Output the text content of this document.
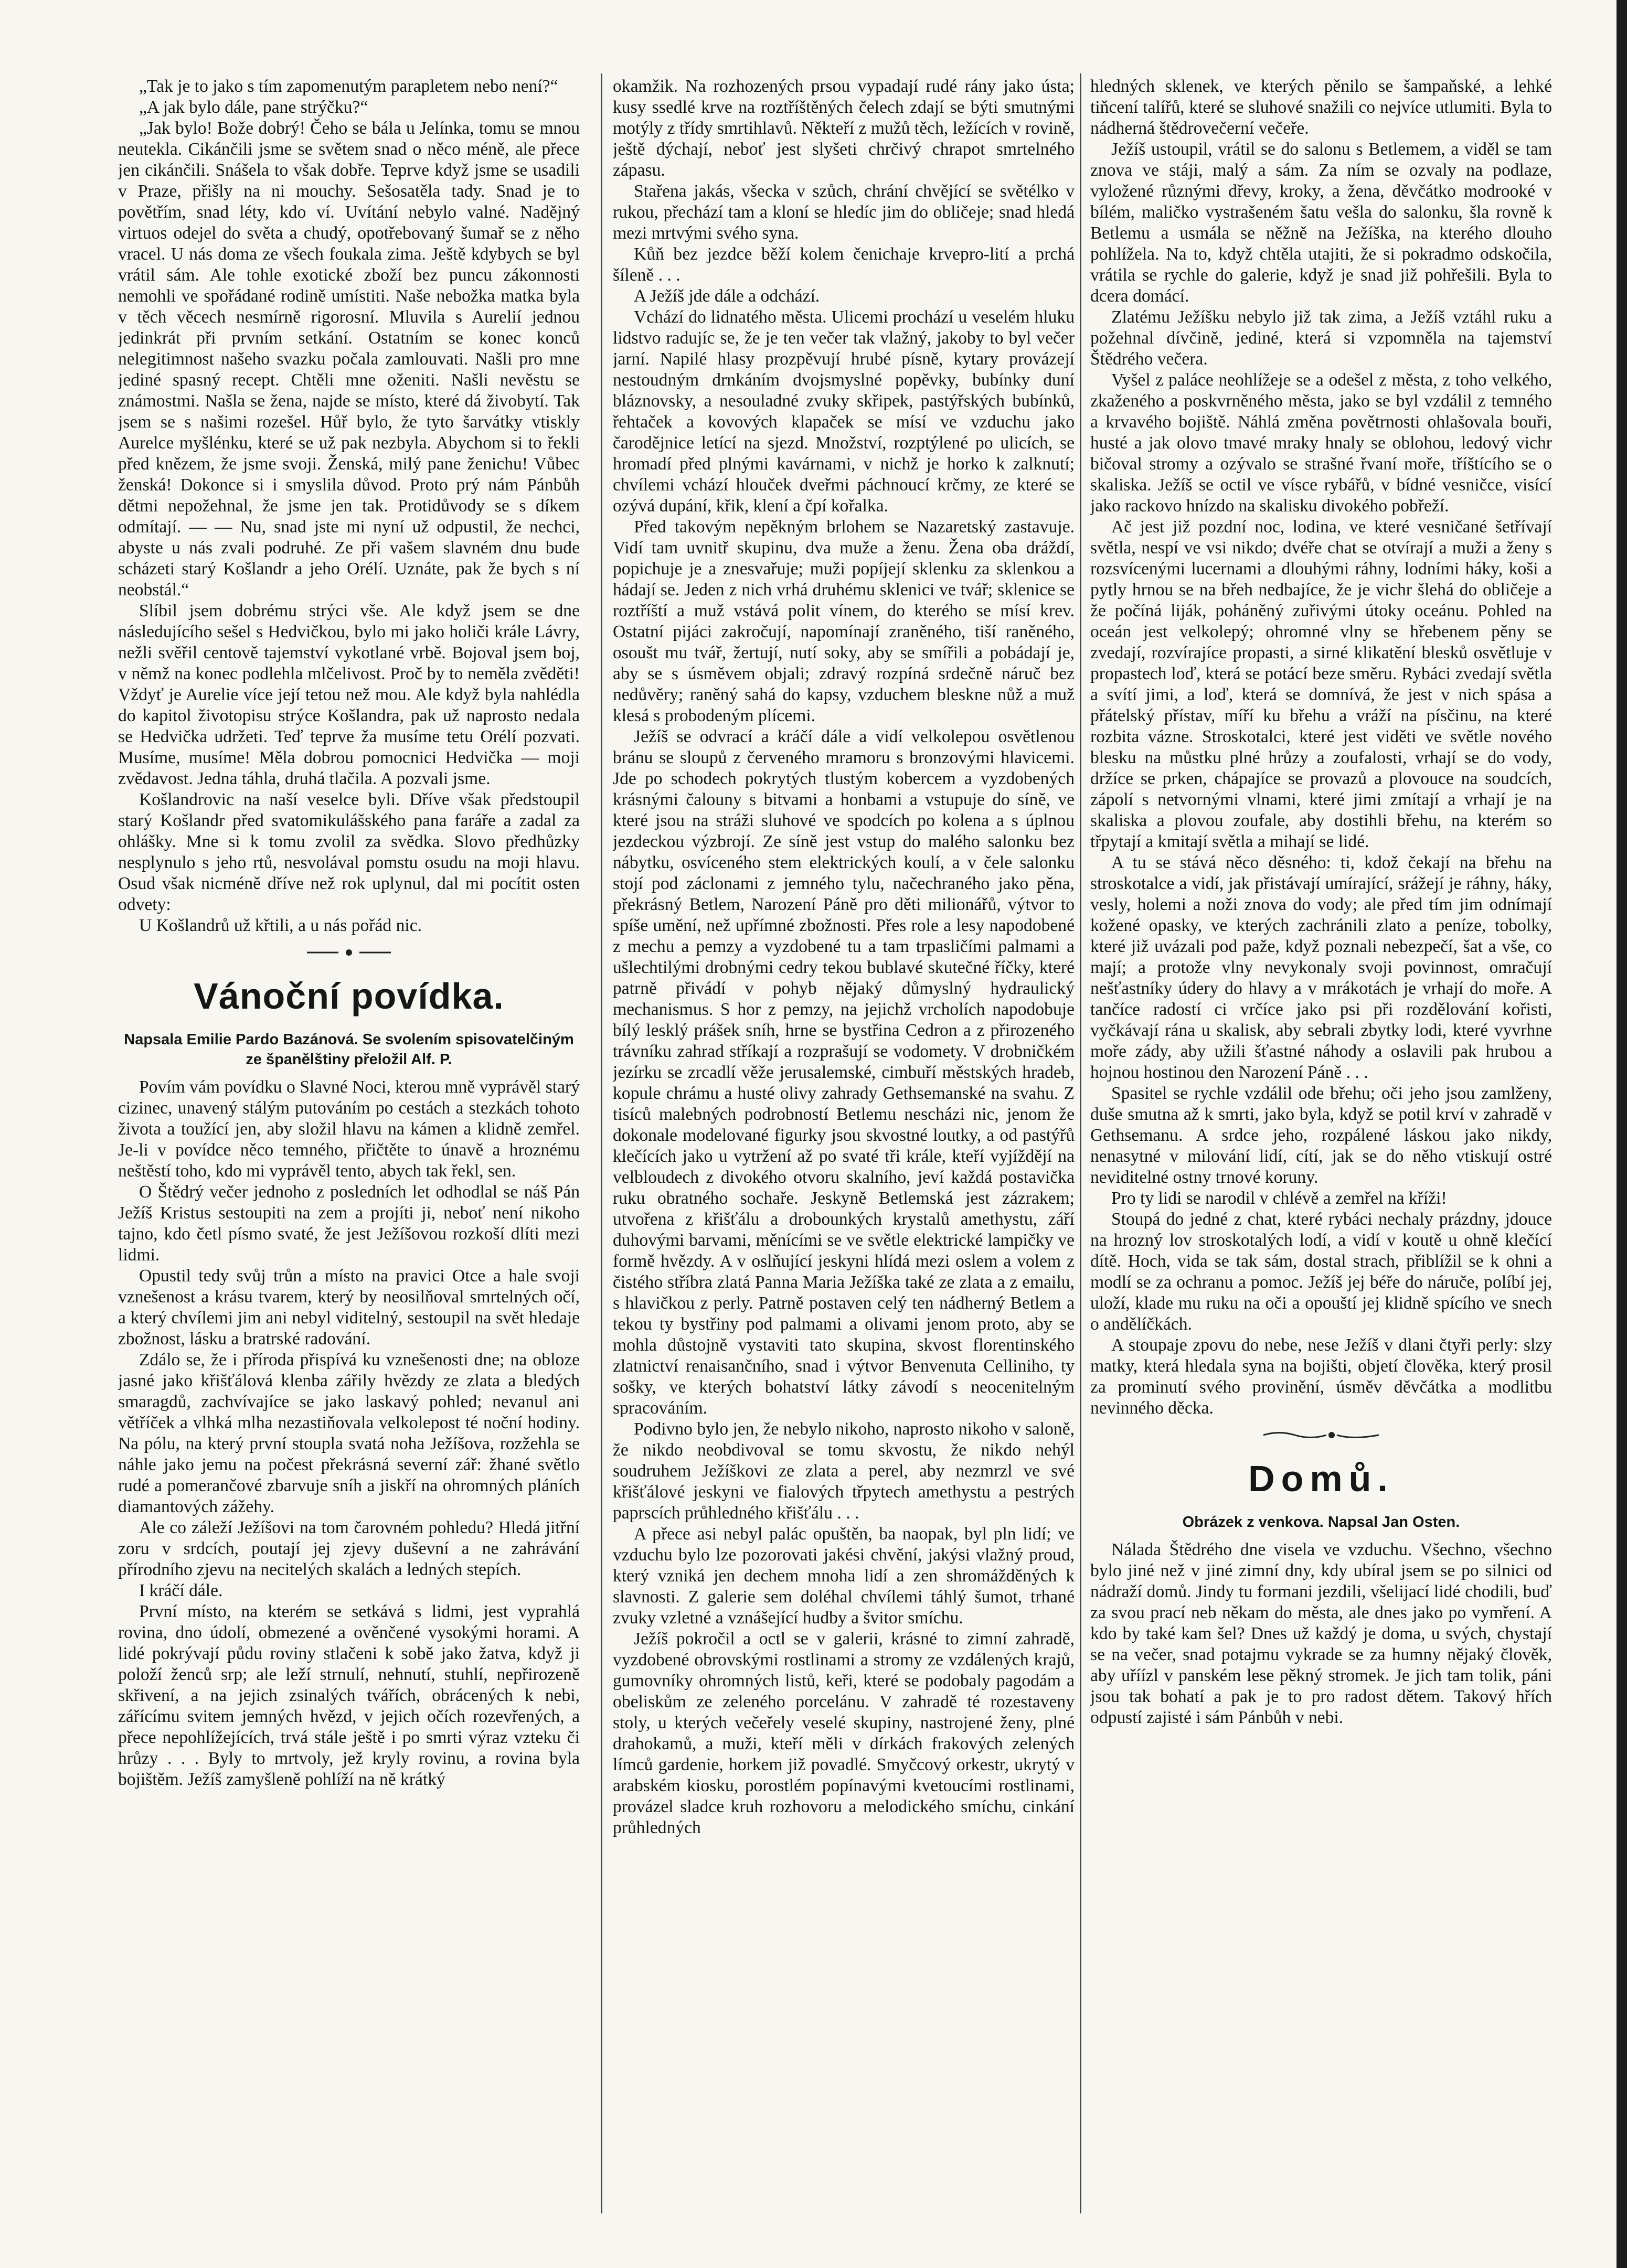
„Tak je to jako s tím zapomenutým parapletem nebo není?“

„A jak bylo dále, pane strýčku?“

„Jak bylo! Bože dobrý! Čeho se bála u Jelínka, tomu se mnou neutekla. Cikánčili jsme se světem snad o něco méně, ale přece jen cikánčili. Snášela to však dobře. Teprve když jsme se usadili v Praze, přišly na ni mouchy. Sešosatěla tady. Snad je to povětřím, snad léty, kdo ví. Uvítání nebylo valné. Nadějný virtuos odejel do světa a chudý, opotřebovaný šumař se z něho vracel. U nás doma ze všech foukala zima. Ještě kdybych se byl vrátil sám. Ale tohle exotické zboží bez puncu zákonnosti nemohli ve spořádané rodině umístiti. Naše nebožka matka byla v těch věcech nesmírně rigorosní. Mluvila s Aurelií jednou jedinkrát při prvním setkání. Ostatním se konec konců nelegitimnost našeho svazku počala zamlouvati. Našli pro mne jediné spasný recept. Chtěli mne oženiti. Našli nevěstu se známostmi. Našla se žena, najde se místo, které dá živobytí. Tak jsem se s našimi rozešel. Hůř bylo, že tyto šarvátky vtiskly Aurelce myšlénku, které se už pak nezbyla. Abychom si to řekli před knězem, že jsme svoji. Ženská, milý pane ženichu! Vůbec ženská! Dokonce si i smyslila důvod. Proto prý nám Pánbůh dětmi nepožehnal, že jsme jen tak. Protidůvody se s díkem odmítají. — — Nu, snad jste mi nyní už odpustil, že nechci, abyste u nás zvali podruhé. Ze při vašem slavném dnu bude scházeti starý Košlandr a jeho Orélí. Uznáte, pak že bych s ní neobstál.“

Slíbil jsem dobrému strýci vše. Ale když jsem se dne následujícího sešel s Hedvičkou, bylo mi jako holiči krále Lávry, nežli svěřil centově tajemství vykotlané vrbě. Bojoval jsem boj, v němž na konec podlehla mlčelivost. Proč by to neměla zvěděti! Vždyť je Aurelie více její tetou než mou. Ale když byla nahlédla do kapitol životopisu strýce Košlandra, pak už naprosto nedala se Hedvička udržeti. Teď teprve ža musíme tetu Orélí pozvati. Musíme, musíme! Měla dobrou pomocnici Hedvička — moji zvědavost. Jedna táhla, druhá tlačila. A pozvali jsme.

Košlandrovic na naší veselce byli. Dříve však předstoupil starý Košlandr před svatomikulášského pana faráře a zadal za ohlášky. Mne si k tomu zvolil za svědka. Slovo předhůzky nesplynulo s jeho rtů, nesvolával pomstu osudu na moji hlavu. Osud však nicméně dříve než rok uplynul, dal mi pocítit osten odvety:

U Košlandrů už křtili, a u nás pořád nic.

Vánoční povídka.

Napsala Emilie Pardo Bazánová. Se svolením spisovatelčiným ze španělštiny přeložil Alf. P.

Povím vám povídku o Slavné Noci, kterou mně vyprávěl starý cizinec, unavený stálým putováním po cestách a stezkách tohoto života a toužící jen, aby složil hlavu na kámen a klidně zemřel. Je-li v povídce něco temného, přičtěte to únavě a hroznému neštěstí toho, kdo mi vyprávěl tento, abych tak řekl, sen.

O Štědrý večer jednoho z posledních let odhodlal se náš Pán Ježíš Kristus sestoupiti na zem a projíti ji, neboť není nikoho tajno, kdo četl písmo svaté, že jest Ježíšovou rozkoší dlíti mezi lidmi.

Opustil tedy svůj trůn a místo na pravici Otce a hale svoji vznešenost a krásu tvarem, který by neosilňoval smrtelných očí, a který chvílemi jim ani nebyl viditelný, sestoupil na svět hledaje zbožnost, lásku a bratrské radování.

Zdálo se, že i příroda přispívá ku vznešenosti dne; na obloze jasné jako křišťálová klenba zářily hvězdy ze zlata a bledých smaragdů, zachvívajíce se jako laskavý pohled; nevanul ani větříček a vlhká mlha nezastiňovala velkolepost té noční hodiny. Na pólu, na který první stoupla svatá noha Ježíšova, rozžehla se náhle jako jemu na počest překrásná severní zář: žhané světlo rudé a pomerančové zbarvuje sníh a jiskří na ohromných pláních diamantových zážehy.

Ale co záleží Ježíšovi na tom čarovném pohledu? Hledá jitřní zoru v srdcích, poutají jej zjevy duševní a ne zahrávání přírodního zjevu na necitelých skalách a ledných stepích.

I kráčí dále.

První místo, na kterém se setkává s lidmi, jest vyprahlá rovina, dno údolí, obmezené a ověnčené vysokými horami. A lidé pokrývají půdu roviny stlačeni k sobě jako žatva, když ji položí ženců srp; ale leží strnulí, nehnutí, stuhlí, nepřirozeně skřivení, a na jejich zsinalých tvářích, obrácených k nebi, zářícímu svitem jemných hvězd, v jejich očích rozevřených, a přece nepohlížejících, trvá stále ještě i po smrti výraz vzteku či hrůzy . . . Byly to mrtvoly, jež kryly rovinu, a rovina byla bojištěm. Ježíš zamyšleně pohlíží na ně krátký

okamžik. Na rozhozených prsou vypadají rudé rány jako ústa; kusy ssedlé krve na roztříštěných čelech zdají se býti smutnými motýly z třídy smrtihlavů. Někteří z mužů těch, ležících v rovině, ještě dýchají, neboť jest slyšeti chrčivý chrapot smrtelného zápasu.

Stařena jakás, všecka v szůch, chrání chvějící se světélko v rukou, přechází tam a kloní se hledíc jim do obličeje; snad hledá mezi mrtvými svého syna.

Kůň bez jezdce běží kolem čenichaje krvepro-lití a prchá šíleně . . .

A Ježíš jde dále a odchází.

Vchází do lidnatého města. Ulicemi prochází u veselém hluku lidstvo radujíc se, že je ten večer tak vlažný, jakoby to byl večer jarní. Napilé hlasy prozpěvují hrubé písně, kytary provázejí nestoudným drnkáním dvojsmyslné popěvky, bubínky duní bláznovsky, a nesouladné zvuky skřipek, pastýřských bubínků, řehtaček a kovových klapaček se mísí ve vzduchu jako čarodějnice letící na sjezd. Množství, rozptýlené po ulicích, se hromadí před plnými kavárnami, v nichž je horko k zalknutí; chvílemi vchází hlouček dveřmi páchnoucí krčmy, ze které se ozývá dupání, křik, klení a čpí kořalka.

Před takovým nepěkným brlohem se Nazaretský zastavuje. Vidí tam uvnitř skupinu, dva muže a ženu. Žena oba dráždí, popichuje je a znesvařuje; muži popíjejí sklenku za sklenkou a hádají se. Jeden z nich vrhá druhému sklenici ve tvář; sklenice se roztříští a muž vstává polit vínem, do kterého se mísí krev. Ostatní pijáci zakročují, napomínají zraněného, tiší raněného, osoušt mu tvář, žertují, nutí soky, aby se smířili a pobádají je, aby se s úsměvem objali; zdravý rozpíná srdečně náruč bez nedůvěry; raněný sahá do kapsy, vzduchem bleskne nůž a muž klesá s probodeným plícemi.

Ježíš se odvrací a kráčí dále a vidí velkolepou osvětlenou bránu se sloupů z červeného mramoru s bronzovými hlavicemi. Jde po schodech pokrytých tlustým kobercem a vyzdobených krásnými čalouny s bitvami a honbami a vstupuje do síně, ve které jsou na stráži sluhové ve spodcích po kolena a s úplnou jezdeckou výzbrojí. Ze síně jest vstup do malého salonku bez nábytku, osvíceného stem elektrických koulí, a v čele salonku stojí pod záclonami z jemného tylu, načechraného jako pěna, překrásný Betlem, Narození Páně pro děti milionářů, výtvor to spíše umění, než upřímné zbožnosti. Přes role a lesy napodobené z mechu a pemzy a vyzdobené tu a tam trpasličími palmami a ušlechtilými drobnými cedry tekou bublavé skutečné říčky, které patrně přivádí v pohyb nějaký důmyslný hydraulický mechanismus. S hor z pemzy, na jejichž vrcholích napodobuje bílý lesklý prášek sníh, hrne se bystřina Cedron a z přirozeného trávníku zahrad stříkají a rozprašují se vodomety. V drobničkém jezírku se zrcadlí věže jerusalemské, cimbuří městských hradeb, kopule chrámu a husté olivy zahrady Gethsemanské na svahu. Z tisíců malebných podrobností Betlemu nescházi nic, jenom že dokonale modelované figurky jsou skvostné loutky, a od pastýřů klečících jako u vytržení až po svaté tři krále, kteří vyjíždějí na velbloudech z divokého otvoru skalního, jeví každá postavička ruku obratného sochaře. Jeskyně Betlemská jest zázrakem; utvořena z křišťálu a drobounkých krystalů amethystu, září duhovými barvami, měnícími se ve světle elektrické lampičky ve formě hvězdy. A v oslňující jeskyni hlídá mezi oslem a volem z čistého stříbra zlatá Panna Maria Ježíška také ze zlata a z emailu, s hlavičkou z perly. Patrně postaven celý ten nádherný Betlem a tekou ty bystřiny pod palmami a olivami jenom proto, aby se mohla důstojně vystaviti tato skupina, skvost florentinského zlatnictví renaisančního, snad i výtvor Benvenuta Celliniho, ty sošky, ve kterých bohatství látky závodí s neocenitelným spracováním.

Podivno bylo jen, že nebylo nikoho, naprosto nikoho v saloně, že nikdo neobdivoval se tomu skvostu, že nikdo nehýl soudruhem Ježíškovi ze zlata a perel, aby nezmrzl ve své křišťálové jeskyni ve fialových třpytech amethystu a pestrých paprscích průhledného křišťálu . . .

A přece asi nebyl palác opuštěn, ba naopak, byl pln lidí; ve vzduchu bylo lze pozorovati jakési chvění, jakýsi vlažný proud, který vzniká jen dechem mnoha lidí a zen shromážděných k slavnosti. Z galerie sem doléhal chvílemi táhlý šumot, trhané zvuky vzletné a vznášející hudby a švitor smíchu.

Ježíš pokročil a octl se v galerii, krásné to zimní zahradě, vyzdobené obrovskými rostlinami a stromy ze vzdálených krajů, gumovníky ohromných listů, keři, které se podobaly pagodám a obeliskům ze zeleného porcelánu. V zahradě té rozestaveny stoly, u kterých večeřely veselé skupiny, nastrojené ženy, plné drahokamů, a muži, kteří měli v dírkách frakových zelených límců gardenie, horkem již povadlé. Smyčcový orkestr, ukrytý v arabském kiosku, porostlém popínavými kvetoucími rostlinami, provázel sladce kruh rozhovoru a melodického smíchu, cinkání průhledných

hledných sklenek, ve kterých pěnilo se šampaňské, a lehké tiňcení talířů, které se sluhové snažili co nejvíce utlumiti. Byla to nádherná štědrovečerní večeře.

Ježíš ustoupil, vrátil se do salonu s Betlemem, a viděl se tam znova ve stáji, malý a sám. Za ním se ozvaly na podlaze, vyložené různými dřevy, kroky, a žena, děvčátko modrooké v bílém, maličko vystrašeném šatu vešla do salonku, šla rovně k Betlemu a usmála se něžně na Ježíška, na kterého dlouho pohlížela. Na to, když chtěla utajiti, že si pokradmo odskočila, vrátila se rychle do galerie, když je snad již pohřešili. Byla to dcera domácí.

Zlatému Ježíšku nebylo již tak zima, a Ježíš vztáhl ruku a požehnal dívčině, jediné, která si vzpomněla na tajemství Štědrého večera.

Vyšel z paláce neohlížeje se a odešel z města, z toho velkého, zkaženého a poskvrněného města, jako se byl vzdálil z temného a krvavého bojiště. Náhlá změna povětrnosti ohlašovala bouři, husté a jak olovo tmavé mraky hnaly se oblohou, ledový vichr bičoval stromy a ozývalo se strašné řvaní moře, tříštícího se o skaliska. Ježíš se octil ve vísce rybářů, v bídné vesničce, visící jako rackovo hnízdo na skalisku divokého pobřeží.

Ač jest již pozdní noc, lodina, ve které vesničané šetřívají světla, nespí ve vsi nikdo; dvéře chat se otvírají a muži a ženy s rozsvícenými lucernami a dlouhými ráhny, lodními háky, koši a pytly hrnou se na břeh nedbajíce, že je vichr šlehá do obličeje a že počíná liják, poháněný zuřivými útoky oceánu. Pohled na oceán jest velkolepý; ohromné vlny se hřebenem pěny se zvedají, rozvírajíce propasti, a sirné klikatění blesků osvětluje v propastech loď, která se potácí beze směru. Rybáci zvedají světla a svítí jimi, a loď, která se domnívá, že jest v nich spása a přátelský přístav, míří ku břehu a vráží na písčinu, na které rozbita vázne. Stroskotalci, které jest viděti ve světle nového blesku na můstku plné hrůzy a zoufalosti, vrhají se do vody, držíce se prken, chápajíce se provazů a plovouce na soudcích, zápolí s netvornými vlnami, které jimi zmítají a vrhají je na skaliska a plovou zoufale, aby dostihli břehu, na kterém so třpytají a kmitají světla a mihají se lidé.

A tu se stává něco děsného: ti, kdož čekají na břehu na stroskotalce a vidí, jak přistávají umírající, srážejí je ráhny, háky, vesly, holemi a noži znova do vody; ale před tím jim odnímají kožené opasky, ve kterých zachránili zlato a peníze, tobolky, které již uvázali pod paže, když poznali nebezpečí, šat a vše, co mají; a protože vlny nevykonaly svoji povinnost, omračují nešťastníky údery do hlavy a v mrákotách je vrhají do moře. A tančíce radostí ci vrčíce jako psi při rozdělování kořisti, vyčkávají rána u skalisk, aby sebrali zbytky lodi, které vyvrhne moře zády, aby užili šťastné náhody a oslavili pak hrubou a hojnou hostinou den Narození Páně . . .

Spasitel se rychle vzdálil ode břehu; oči jeho jsou zamlženy, duše smutna až k smrti, jako byla, když se potil krví v zahradě v Gethsemanu. A srdce jeho, rozpálené láskou jako nikdy, nenasytné v milování lidí, cítí, jak se do něho vtiskují ostré neviditelné ostny trnové koruny.

Pro ty lidi se narodil v chlévě a zemřel na kříži!

Stoupá do jedné z chat, které rybáci nechaly prázdny, jdouce na hrozný lov stroskotalých lodí, a vidí v koutě u ohně klečící dítě. Hoch, vida se tak sám, dostal strach, přiblížil se k ohni a modlí se za ochranu a pomoc. Ježíš jej béře do náruče, políbí jej, uloží, klade mu ruku na oči a opouští jej klidně spícího ve snech o andělíčkách.

A stoupaje zpovu do nebe, nese Ježíš v dlani čtyři perly: slzy matky, která hledala syna na bojišti, objetí člověka, který prosil za prominutí svého provinění, úsměv děvčátka a modlitbu nevinného děcka.

Domů.

Obrázek z venkova. Napsal Jan Osten.

Nálada Štědrého dne visela ve vzduchu. Všechno, všechno bylo jiné než v jiné zimní dny, kdy ubíral jsem se po silnici od nádraží domů. Jindy tu formani jezdili, všelijací lidé chodili, buď za svou prací neb někam do města, ale dnes jako po vymření. A kdo by také kam šel? Dnes už každý je doma, u svých, chystají se na večer, snad potajmu vykrade se za humny nějaký člověk, aby uříízl v panském lese pěkný stromek. Je jich tam tolik, páni jsou tak bohatí a pak je to pro radost dětem. Takový hřích odpustí zajisté i sám Pánbůh v nebi.
